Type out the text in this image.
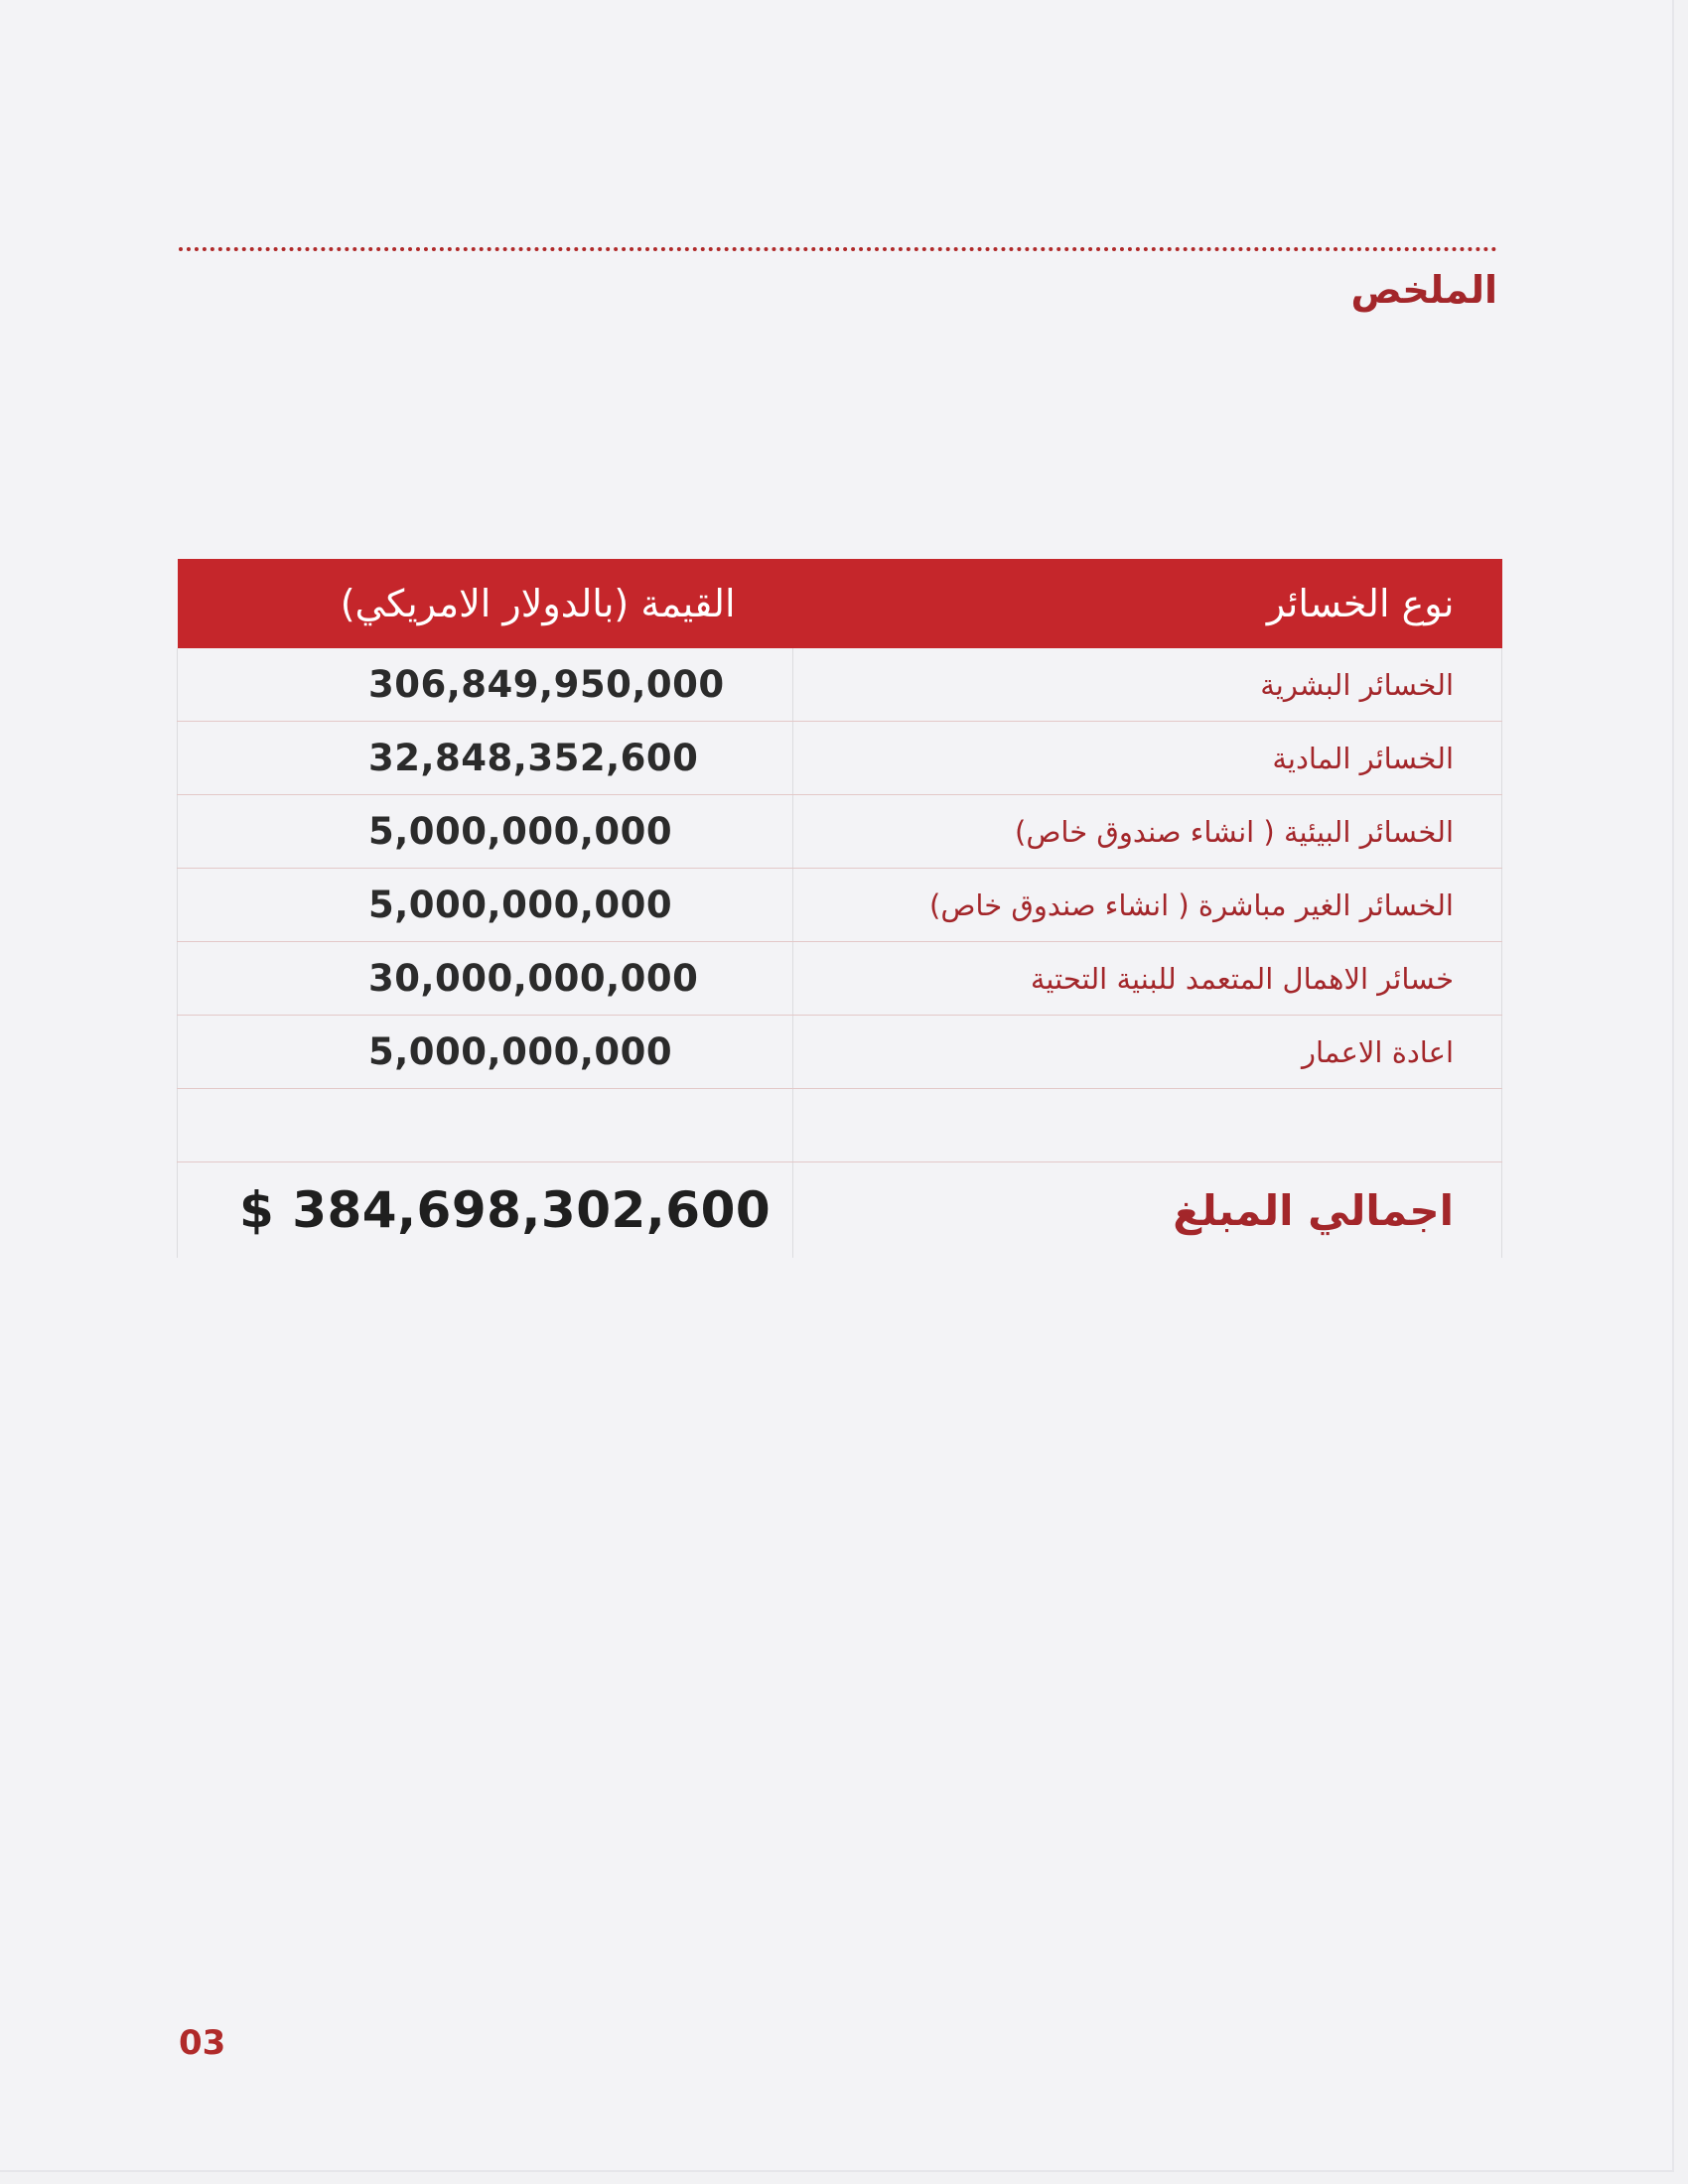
الملخص
نوع الخسائر	القيمة (بالدولار الامريكي)
الخسائر البشرية	306,849,950,000
الخسائر المادية	32,848,352,600
الخسائر البيئية ( انشاء صندوق خاص)	5,000,000,000
الخسائر الغير مباشرة ( انشاء صندوق خاص)	5,000,000,000
خسائر الاهمال المتعمد للبنية التحتية	30,000,000,000
اعادة الاعمار	5,000,000,000

اجمالي المبلغ	$ 384,698,302,600
03
